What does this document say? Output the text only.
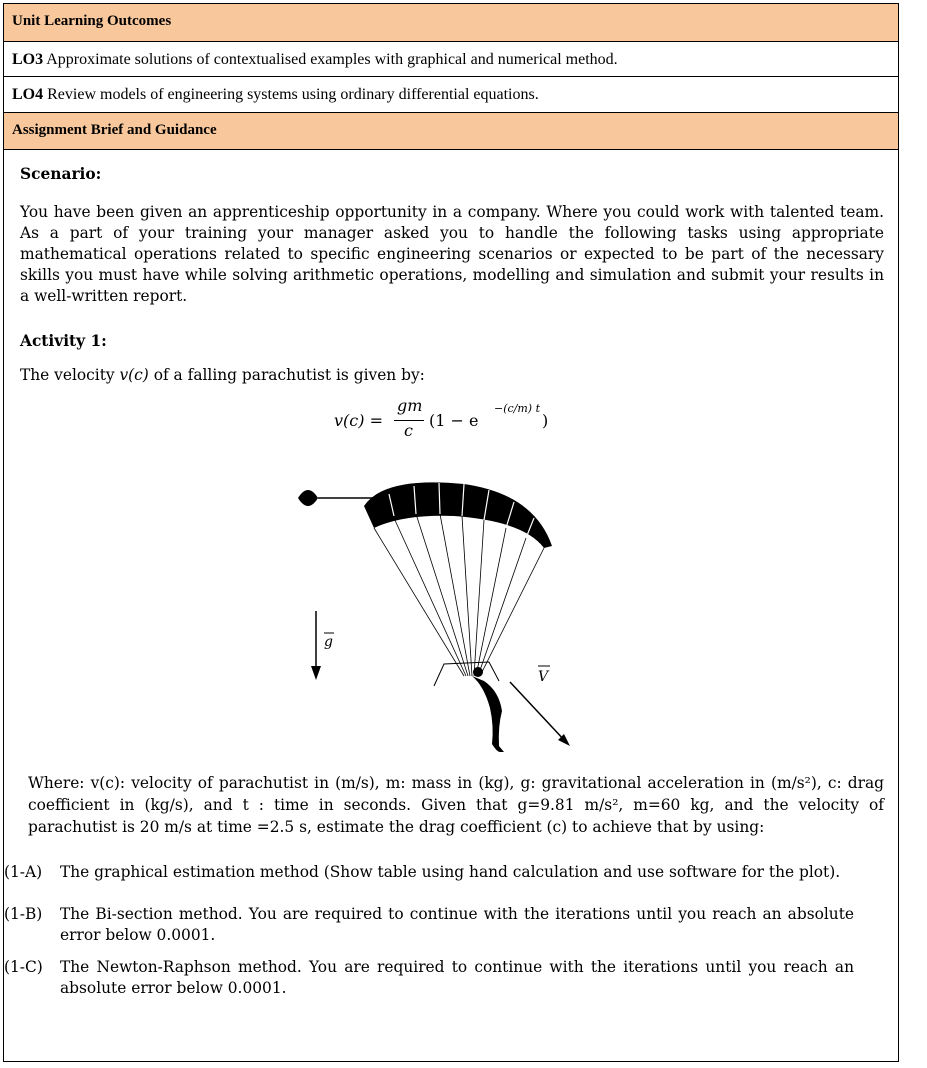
Unit Learning Outcomes
LO3 Approximate solutions of contextualised examples with graphical and numerical method.
LO4 Review models of engineering systems using ordinary differential equations.
Assignment Brief and Guidance
Scenario:
You have been given an apprenticeship opportunity in a company. Where you could work with talented team. As a part of your training your manager asked you to handle the following tasks using appropriate mathematical operations related to specific engineering scenarios or expected to be part of the necessary skills you must have while solving arithmetic operations, modelling and simulation and submit your results in a well-written report.
Activity 1:
The velocity v(c) of a falling parachutist is given by:
v(c) =
gm
c
(1 − e
−(c/m) t
)
g
V
Where: v(c): velocity of parachutist in (m/s), m: mass in (kg), g: gravitational acceleration in (m/s²), c: drag coefficient in (kg/s), and t : time in seconds. Given that g=9.81 m/s², m=60 kg, and the velocity of parachutist is 20 m/s at time =2.5 s, estimate the drag coefficient (c) to achieve that by using:
(1-A) The graphical estimation method (Show table using hand calculation and use software for the plot).
(1-B) The Bi-section method. You are required to continue with the iterations until you reach an absolute error below 0.0001.
(1-C) The Newton-Raphson method. You are required to continue with the iterations until you reach an absolute error below 0.0001.
